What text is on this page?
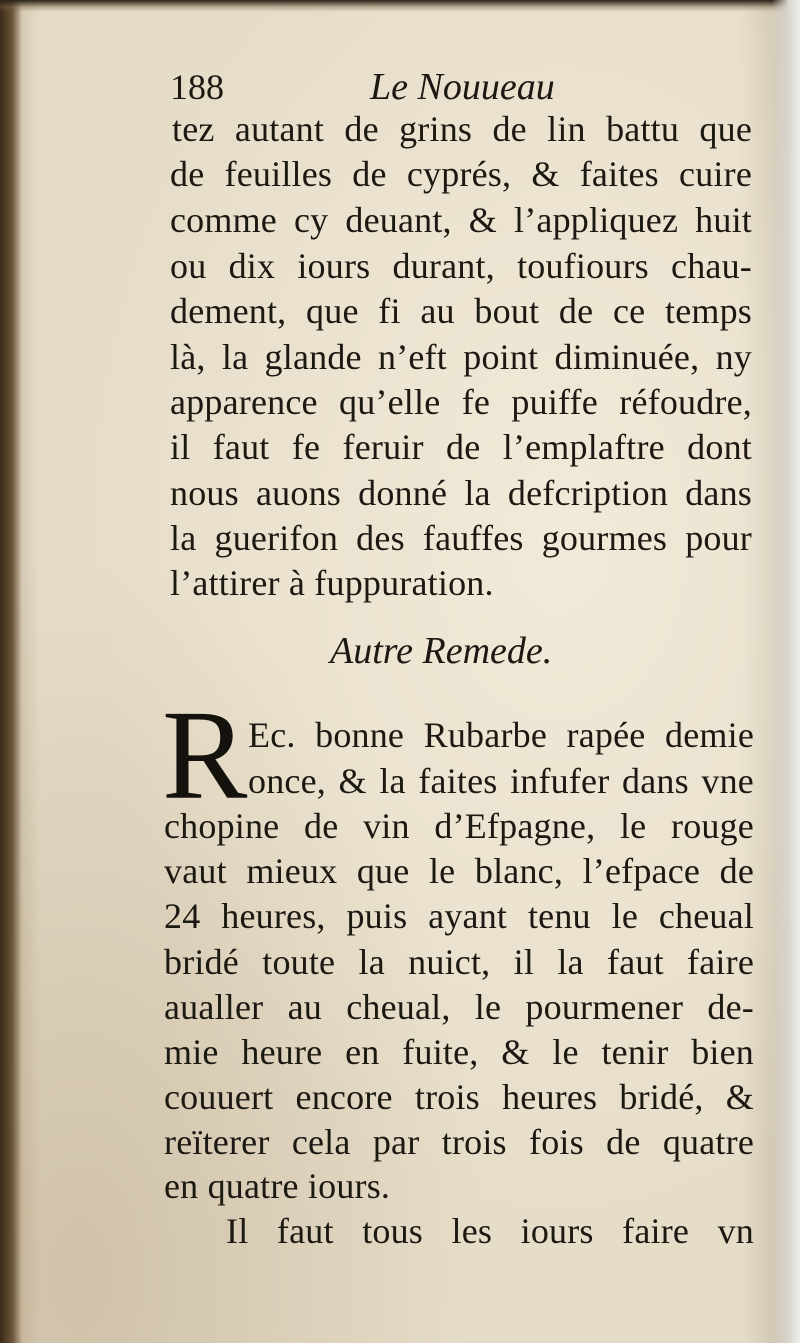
188	Le Nouueau
tez autant de grins de lin battu que
de feuilles de cyprés, & faites cuire
comme cy deuant, & l’appliquez huit
ou dix iours durant, toufiours chau-
dement, que fi au bout de ce temps
là, la glande n’eft point diminuée, ny
apparence qu’elle fe puiffe réfoudre,
il faut fe feruir de l’emplaftre dont
nous auons donné la defcription dans
la guerifon des fauffes gourmes pour
l’attirer à fuppuration.
Autre Remede.
R Ec. bonne Rubarbe rapée demie
once, & la faites infufer dans vne
chopine de vin d’Efpagne, le rouge
vaut mieux que le blanc, l’efpace de
24 heures, puis ayant tenu le cheual
bridé toute la nuict, il la faut faire
aualler au cheual, le pourmener de-
mie heure en fuite, & le tenir bien
couuert encore trois heures bridé, &
reïterer cela par trois fois de quatre
en quatre iours.
Il faut tous les iours faire vn
